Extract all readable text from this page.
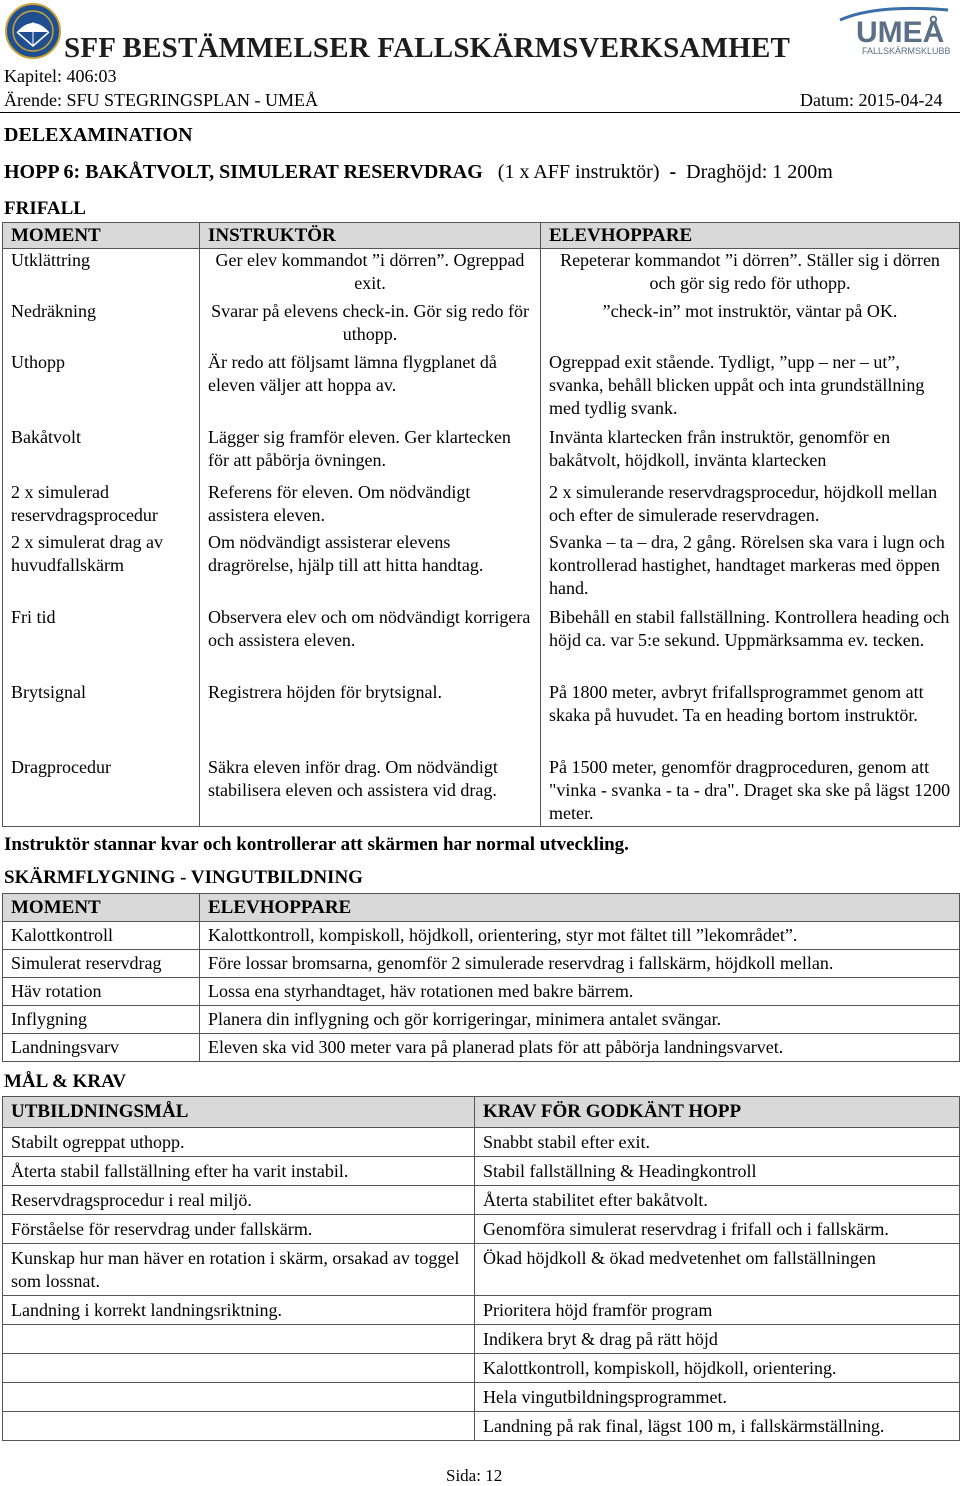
UMEÅ
FALLSKÄRMSKLUBB
SFF BESTÄMMELSER FALLSKÄRMSVERKSAMHET
Kapitel: 406:03
Ärende: SFU STEGRINGSPLAN - UMEÅ	Datum: 2015-04-24
DELEXAMINATION
HOPP 6: BAKÅTVOLT, SIMULERAT RESERVDRAG (1 x AFF instruktör) - Draghöjd: 1 200m
FRIFALL
MOMENT	INSTRUKTÖR	ELEVHOPPARE
Utklättring	Ger elev kommandot ”i dörren”. Ogreppad exit.	Repeterar kommandot ”i dörren”. Ställer sig i dörren och gör sig redo för uthopp.
Nedräkning	Svarar på elevens check-in. Gör sig redo för uthopp.	”check-in” mot instruktör, väntar på OK.
Uthopp	Är redo att följsamt lämna flygplanet då eleven väljer att hoppa av.	Ogreppad exit stående. Tydligt, ”upp – ner – ut”, svanka, behåll blicken uppåt och inta grundställning med tydlig svank.
Bakåtvolt	Lägger sig framför eleven. Ger klartecken för att påbörja övningen.	Invänta klartecken från instruktör, genomför en bakåtvolt, höjdkoll, invänta klartecken
2 x simulerad reservdragsprocedur	Referens för eleven. Om nödvändigt assistera eleven.	2 x simulerande reservdragsprocedur, höjdkoll mellan och efter de simulerade reservdragen.
2 x simulerat drag av huvudfallskärm	Om nödvändigt assisterar elevens dragrörelse, hjälp till att hitta handtag.	Svanka – ta – dra, 2 gång. Rörelsen ska vara i lugn och kontrollerad hastighet, handtaget markeras med öppen hand.
Fri tid	Observera elev och om nödvändigt korrigera och assistera eleven.	Bibehåll en stabil fallställning. Kontrollera heading och höjd ca. var 5:e sekund. Uppmärksamma ev. tecken.
Brytsignal	Registrera höjden för brytsignal.	På 1800 meter, avbryt frifallsprogrammet genom att skaka på huvudet. Ta en heading bortom instruktör.
Dragprocedur	Säkra eleven inför drag. Om nödvändigt stabilisera eleven och assistera vid drag.	På 1500 meter, genomför dragproceduren, genom att "vinka - svanka - ta - dra". Draget ska ske på lägst 1200 meter.
Instruktör stannar kvar och kontrollerar att skärmen har normal utveckling.
SKÄRMFLYGNING - VINGUTBILDNING
MOMENT	ELEVHOPPARE
Kalottkontroll	Kalottkontroll, kompiskoll, höjdkoll, orientering, styr mot fältet till ”lekområdet”.
Simulerat reservdrag	Före lossar bromsarna, genomför 2 simulerade reservdrag i fallskärm, höjdkoll mellan.
Häv rotation	Lossa ena styrhandtaget, häv rotationen med bakre bärrem.
Inflygning	Planera din inflygning och gör korrigeringar, minimera antalet svängar.
Landningsvarv	Eleven ska vid 300 meter vara på planerad plats för att påbörja landningsvarvet.
MÅL & KRAV
UTBILDNINGSMÅL	KRAV FÖR GODKÄNT HOPP
Stabilt ogreppat uthopp.	Snabbt stabil efter exit.
Återta stabil fallställning efter ha varit instabil.	Stabil fallställning & Headingkontroll
Reservdragsprocedur i real miljö.	Återta stabilitet efter bakåtvolt.
Förståelse för reservdrag under fallskärm.	Genomföra simulerat reservdrag i frifall och i fallskärm.
Kunskap hur man häver en rotation i skärm, orsakad av toggel som lossnat.	Ökad höjdkoll & ökad medvetenhet om fallställningen
Landning i korrekt landningsriktning.	Prioritera höjd framför program
	Indikera bryt & drag på rätt höjd
	Kalottkontroll, kompiskoll, höjdkoll, orientering.
	Hela vingutbildningsprogrammet.
	Landning på rak final, lägst 100 m, i fallskärmställning.
Sida: 12
